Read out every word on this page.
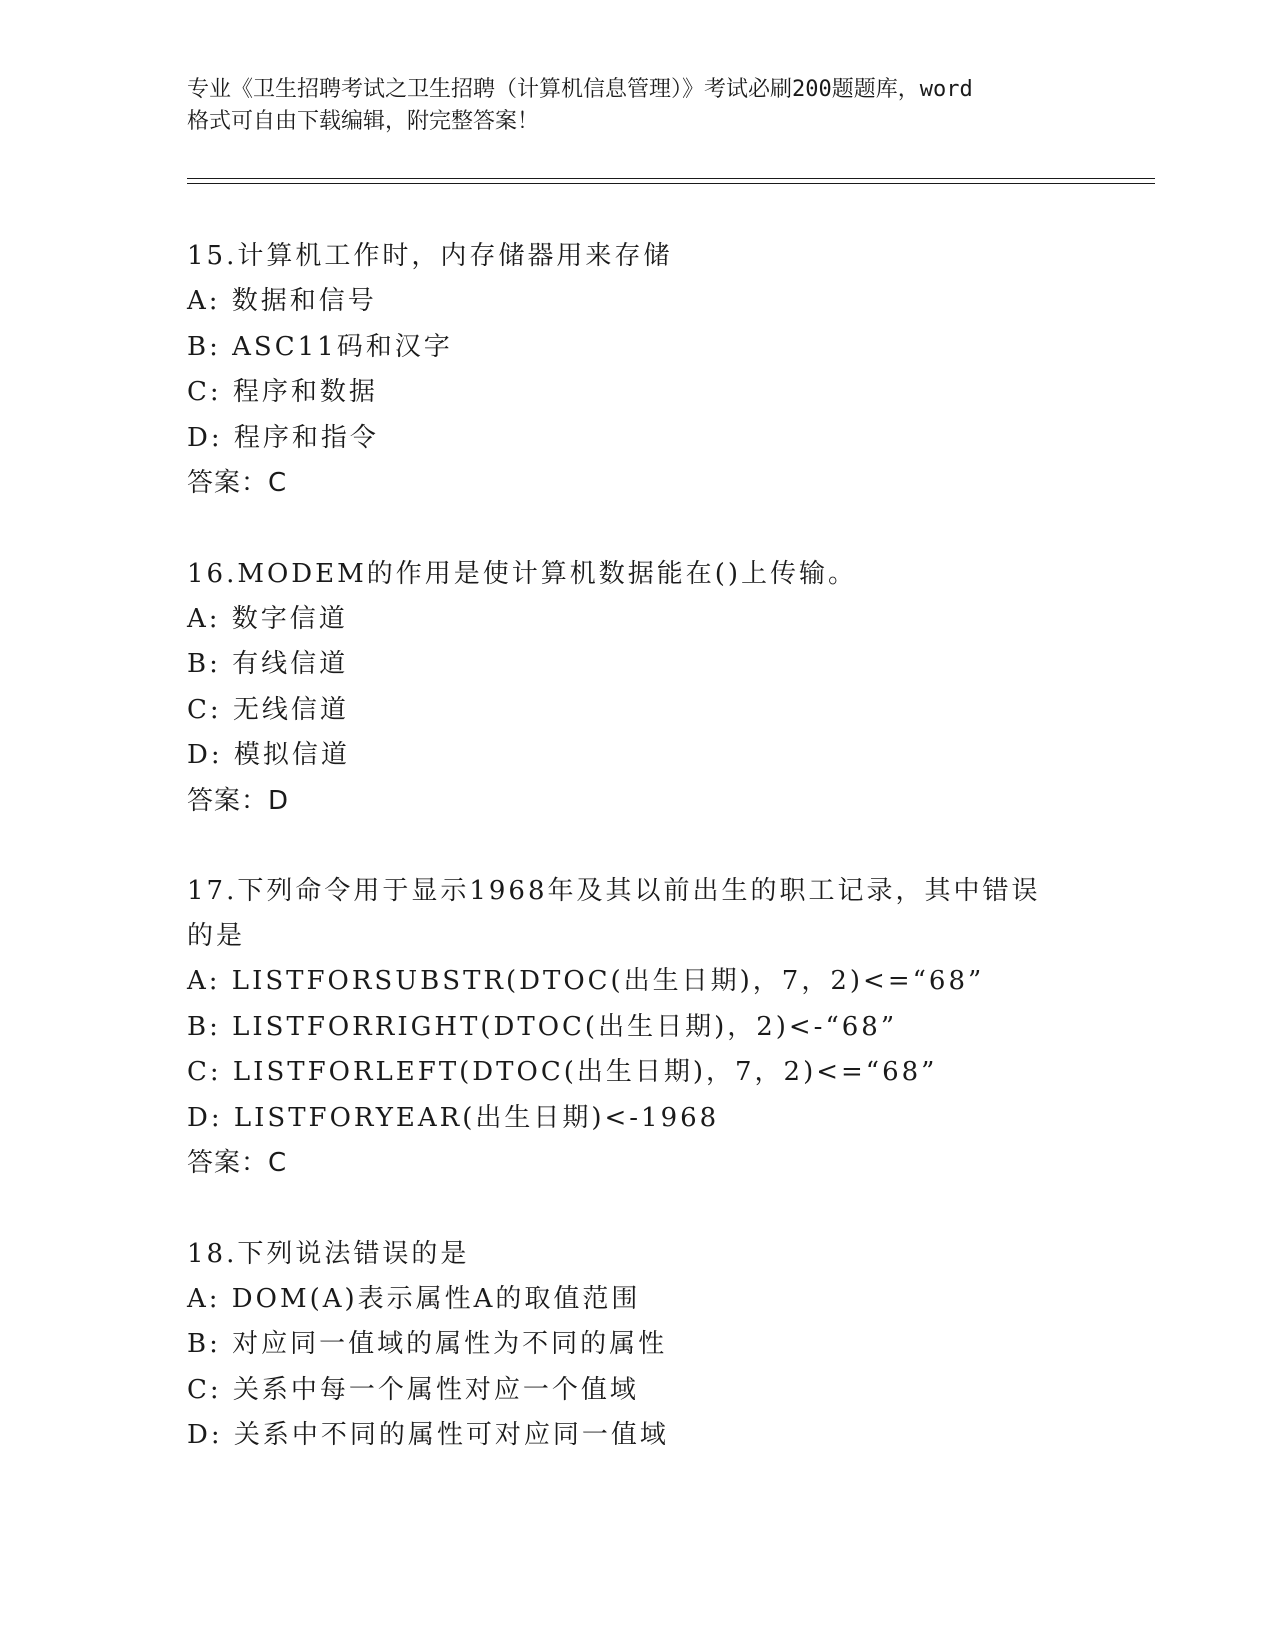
专业《卫生招聘考试之卫生招聘（计算机信息管理）》考试必刷200题题库，word
格式可自由下载编辑，附完整答案！
15.计算机工作时，内存储器用来存储
A: 数据和信号
B: ASC11码和汉字
C: 程序和数据
D: 程序和指令
答案：C
16.MODEM的作用是使计算机数据能在()上传输。
A: 数字信道
B: 有线信道
C: 无线信道
D: 模拟信道
答案：D
17.下列命令用于显示1968年及其以前出生的职工记录，其中错误的是
A: LISTFORSUBSTR(DTOC(出生日期)，7，2)<=“68”
B: LISTFORRIGHT(DTOC(出生日期)，2)<-“68”
C: LISTFORLEFT(DTOC(出生日期)，7，2)<=“68”
D: LISTFORYEAR(出生日期)<-1968
答案：C
18.下列说法错误的是
A: DOM(A)表示属性A的取值范围
B: 对应同一值域的属性为不同的属性
C: 关系中每一个属性对应一个值域
D: 关系中不同的属性可对应同一值域
